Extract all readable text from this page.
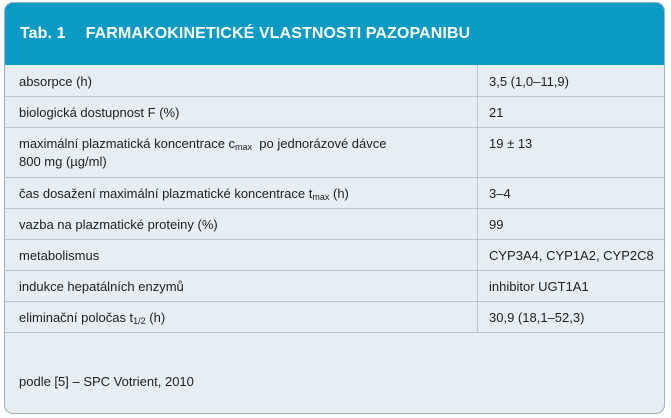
Tab. 1 FARMAKOKINETICKÉ VLASTNOSTI PAZOPANIBU
absorpce (h)	3,5 (1,0–11,9)
biologická dostupnost F (%)	21
maximální plazmatická koncentrace $c_{max}$  po jednorázové dávce
800 mg (µg/ml)	19 ± 13
čas dosažení maximální plazmatické koncentrace $t_{max}$ (h)	3–4
vazba na plazmatické proteiny (%)	99
metabolismus	CYP3A4, CYP1A2, CYP2C8
indukce hepatálních enzymů	inhibitor UGT1A1
eliminační poločas $t_{1/2}$ (h)	30,9 (18,1–52,3)
podle [5] – SPC Votrient, 2010
